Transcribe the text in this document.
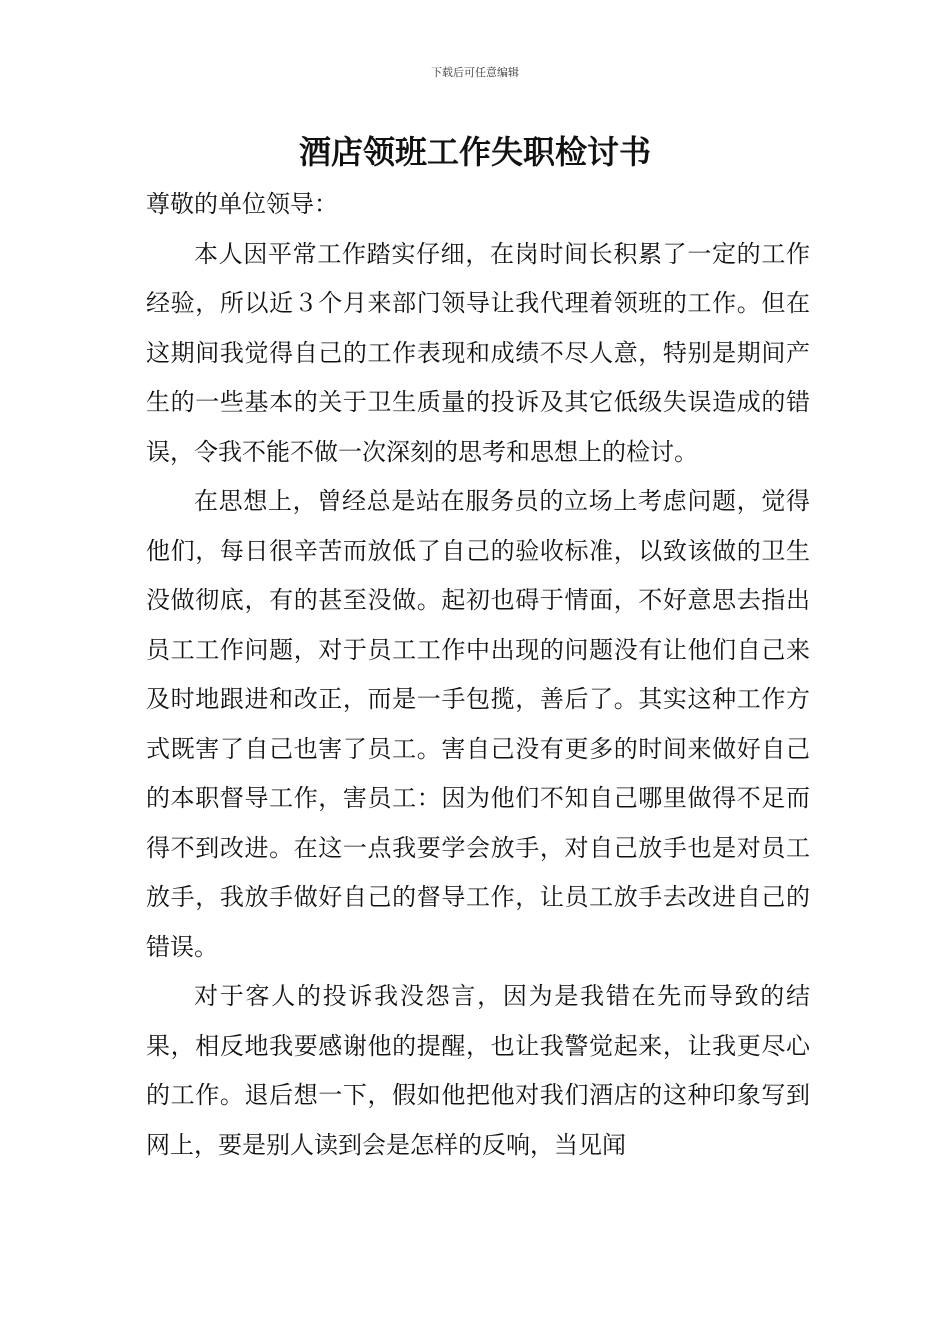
下载后可任意编辑
酒店领班工作失职检讨书

尊敬的单位领导：

本人因平常工作踏实仔细，在岗时间长积累了一定的工作经验，所以近３个月来部门领导让我代理着领班的工作。但在这期间我觉得自己的工作表现和成绩不尽人意，特别是期间产生的一些基本的关于卫生质量的投诉及其它低级失误造成的错误，令我不能不做一次深刻的思考和思想上的检讨。

在思想上，曾经总是站在服务员的立场上考虑问题，觉得他们，每日很辛苦而放低了自己的验收标准，以致该做的卫生没做彻底，有的甚至没做。起初也碍于情面，不好意思去指出员工工作问题，对于员工工作中出现的问题没有让他们自己来及时地跟进和改正，而是一手包揽，善后了。其实这种工作方式既害了自己也害了员工。害自己没有更多的时间来做好自己的本职督导工作，害员工：因为他们不知自己哪里做得不足而得不到改进。在这一点我要学会放手，对自己放手也是对员工放手，我放手做好自己的督导工作，让员工放手去改进自己的错误。

对于客人的投诉我没怨言，因为是我错在先而导致的结果，相反地我要感谢他的提醒，也让我警觉起来，让我更尽心的工作。退后想一下，假如他把他对我们酒店的这种印象写到网上，要是别人读到会是怎样的反响，当见闻
